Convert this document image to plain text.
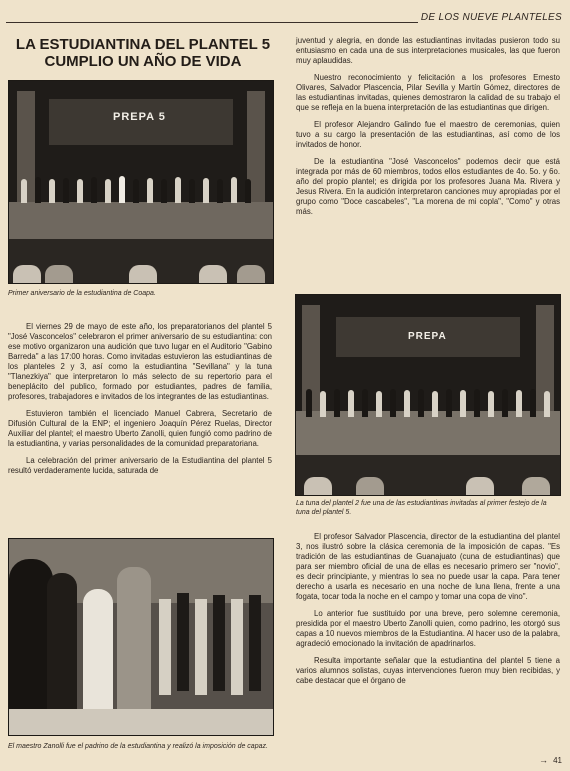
DE LOS NUEVE PLANTELES
LA ESTUDIANTINA DEL PLANTEL 5 CUMPLIO UN AÑO DE VIDA
PREPA 5
Primer aniversario de la estudiantina de Coapa.

El viernes 29 de mayo de este año, los preparatorianos del plantel 5 "José Vasconcelos" celebraron el primer aniversario de su estudiantina: con ese motivo organizaron una audición que tuvo lugar en el Auditorio "Gabino Barreda" a las 17:00 horas. Como invitadas estuvieron las estudiantinas de los planteles 2 y 3, así como la estudiantina "Sevillana" y la tuna "Tlanezkiya" que interpretaron lo más selecto de su repertorio para el beneplácito del publico, formado por estudiantes, padres de familia, profesores, trabajadores e invitados de los integrantes de las estudiantinas.

Estuvieron también el licenciado Manuel Cabrera, Secretario de Difusión Cultural de la ENP; el ingeniero Joaquín Pérez Ruelas, Director Auxiliar del plantel; el maestro Uberto Zanolli, quien fungió como padrino de la estudiantina, y varias personalidades de la comunidad preparatoriana.

La celebración del primer aniversario de la Estudiantina del plantel 5 resultó verdaderamente lucida, saturada de

El maestro Zanolli fue el padrino de la estudiantina y realizó la imposición de capaz.

juventud y alegria, en donde las estudiantinas invitadas pusieron todo su entusiasmo en cada una de sus interpretaciones musicales, las que fueron muy aplaudidas.

Nuestro reconocimiento y felicitación a los profesores Ernesto Olivares, Salvador Plascencia, Pilar Sevilla y Martín Gómez, directores de las estudiantinas invitadas, quienes demostraron la calidad de su trabajo el que se refleja en la buena interpretación de las estudiantinas que dirigen.

El profesor Alejandro Galindo fue el maestro de ceremonias, quien tuvo a su cargo la presentación de las estudiantinas, así como de los invitados de honor.

De la estudiantina "José Vasconcelos" podemos decir que está integrada por más de 60 miembros, todos ellos estudiantes de 4o. 5o. y 6o. año del propio plantel; es dirigida por los profesores Juana Ma. Rivera y Jesus Rivera. En la audición interpretaron canciones muy apropiadas por el grupo como "Doce cascabeles", "La morena de mi copla", "Como" y otras más.

PREPA
La tuna del plantel 2 fue una de las estudiantinas invitadas al primer festejo de la tuna del plantel 5.

El profesor Salvador Plascencia, director de la estudiantina del plantel 3, nos ilustró sobre la clásica ceremonia de la imposición de capas. "Es tradición de las estudiantinas de Guanajuato (cuna de estudiantinas) que para ser miembro oficial de una de ellas es necesario primero ser "novio", es decir principiante, y mientras lo sea no puede usar la capa. Para tener derecho a usarla es necesario en una noche de luna llena, frente a una fogata, tocar toda la noche en el campo y tomar una copa de vino".

Lo anterior fue sustituido por una breve, pero solemne ceremonia, presidida por el maestro Uberto Zanolli quien, como padrino, les otorgó sus capas a 10 nuevos miembros de la Estudiantina. Al hacer uso de la palabra, agradeció emocionado la invitación de apadrinarlos.

Resulta importante señalar que la estudiantina del plantel 5 tiene a varios alumnos solistas, cuyas intervenciones fueron muy bien recibidas, y cabe destacar que el órgano de

→ 41
